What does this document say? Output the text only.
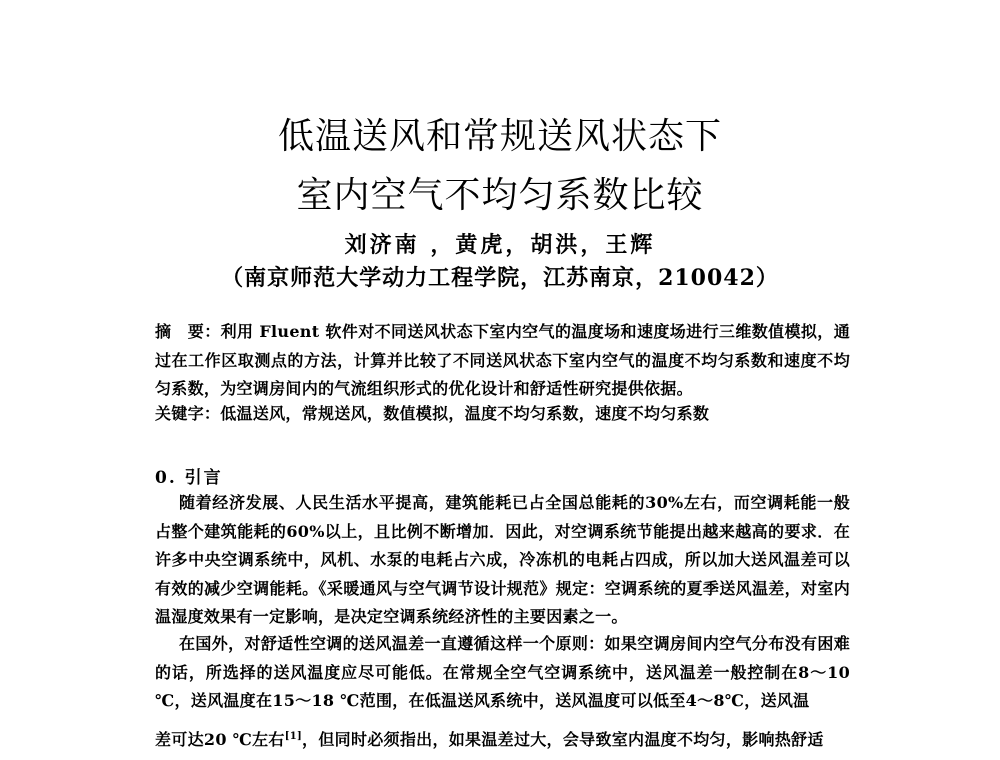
低温送风和常规送风状态下
室内空气不均匀系数比较
刘济南 ，黄虎，胡洪，王辉
（南京师范大学动力工程学院，江苏南京，210042）
摘　要：利用 Fluent 软件对不同送风状态下室内空气的温度场和速度场进行三维数值模拟，通过在工作区取测点的方法，计算并比较了不同送风状态下室内空气的温度不均匀系数和速度不均匀系数，为空调房间内的气流组织形式的优化设计和舒适性研究提供依据。
关键字：低温送风，常规送风，数值模拟，温度不均匀系数，速度不均匀系数
0. 引言
随着经济发展、人民生活水平提高，建筑能耗已占全国总能耗的30%左右，而空调耗能一般占整个建筑能耗的60%以上，且比例不断增加．因此，对空调系统节能提出越来越高的要求．在许多中央空调系统中，风机、水泵的电耗占六成，冷冻机的电耗占四成，所以加大送风温差可以有效的减少空调能耗。《采暖通风与空气调节设计规范》规定：空调系统的夏季送风温差，对室内温湿度效果有一定影响，是决定空调系统经济性的主要因素之一。
在国外，对舒适性空调的送风温差一直遵循这样一个原则：如果空调房间内空气分布没有困难的话，所选择的送风温度应尽可能低。在常规全空气空调系统中，送风温差一般控制在8～10 ℃，送风温度在15～18 ℃范围，在低温送风系统中，送风温度可以低至4～8℃，送风温
差可达20 ℃左右[1]，但同时必须指出，如果温差过大，会导致室内温度不均匀，影响热舒适
